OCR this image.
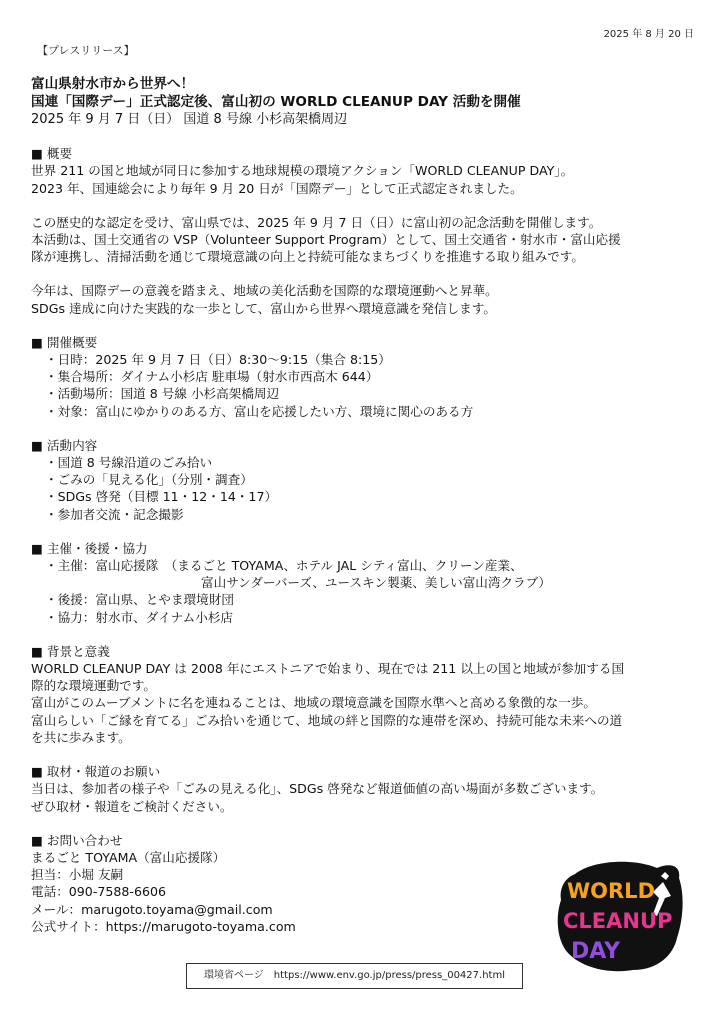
2025 年 8 月 20 日
【プレスリリース】

富山県射水市から世界へ！

国連「国際デー」正式認定後、富山初の WORLD CLEANUP DAY 活動を開催

2025 年 9 月 7 日（日） 国道 8 号線 小杉高架橋周辺

■ 概要

世界 211 の国と地域が同日に参加する地球規模の環境アクション「WORLD CLEANUP DAY」。

2023 年、国連総会により毎年 9 月 20 日が「国際デー」として正式認定されました。

この歴史的な認定を受け、富山県では、2025 年 9 月 7 日（日）に富山初の記念活動を開催します。

本活動は、国土交通省の VSP（Volunteer Support Program）として、国土交通省・射水市・富山応援

隊が連携し、清掃活動を通じて環境意識の向上と持続可能なまちづくりを推進する取り組みです。

今年は、国際デーの意義を踏まえ、地域の美化活動を国際的な環境運動へと昇華。

SDGs 達成に向けた実践的な一歩として、富山から世界へ環境意識を発信します。

■ 開催概要

・日時：2025 年 9 月 7 日（日）8:30～9:15（集合 8:15）

・集合場所：ダイナム小杉店 駐車場（射水市西高木 644）

・活動場所：国道 8 号線 小杉高架橋周辺

・対象：富山にゆかりのある方、富山を応援したい方、環境に関心のある方

■ 活動内容

・国道 8 号線沿道のごみ拾い

・ごみの「見える化」（分別・調査）

・SDGs 啓発（目標 11・12・14・17）

・参加者交流・記念撮影

■ 主催・後援・協力

・主催：富山応援隊　（まるごと TOYAMA、ホテル JAL シティ富山、クリーン産業、

富山サンダーバーズ、ユースキン製薬、美しい富山湾クラブ）

・後援：富山県、とやま環境財団

・協力：射水市、ダイナム小杉店

■ 背景と意義

WORLD CLEANUP DAY は 2008 年にエストニアで始まり、現在では 211 以上の国と地域が参加する国

際的な環境運動です。

富山がこのムーブメントに名を連ねることは、地域の環境意識を国際水準へと高める象徴的な一歩。

富山らしい「ご縁を育てる」ごみ拾いを通じて、地域の絆と国際的な連帯を深め、持続可能な未来への道

を共に歩みます。

■ 取材・報道のお願い

当日は、参加者の様子や「ごみの見える化」、SDGs 啓発など報道価値の高い場面が多数ございます。

ぜひ取材・報道をご検討ください。

■ お問い合わせ

まるごと TOYAMA（富山応援隊）

担当：小堀 友嗣

電話：090-7588-6606

メール：marugoto.toyama@gmail.com

公式サイト：https://marugoto-toyama.com

環境省ページ　https://www.env.go.jp/press/press_00427.html
WORLD
CLEANUP
DAY
